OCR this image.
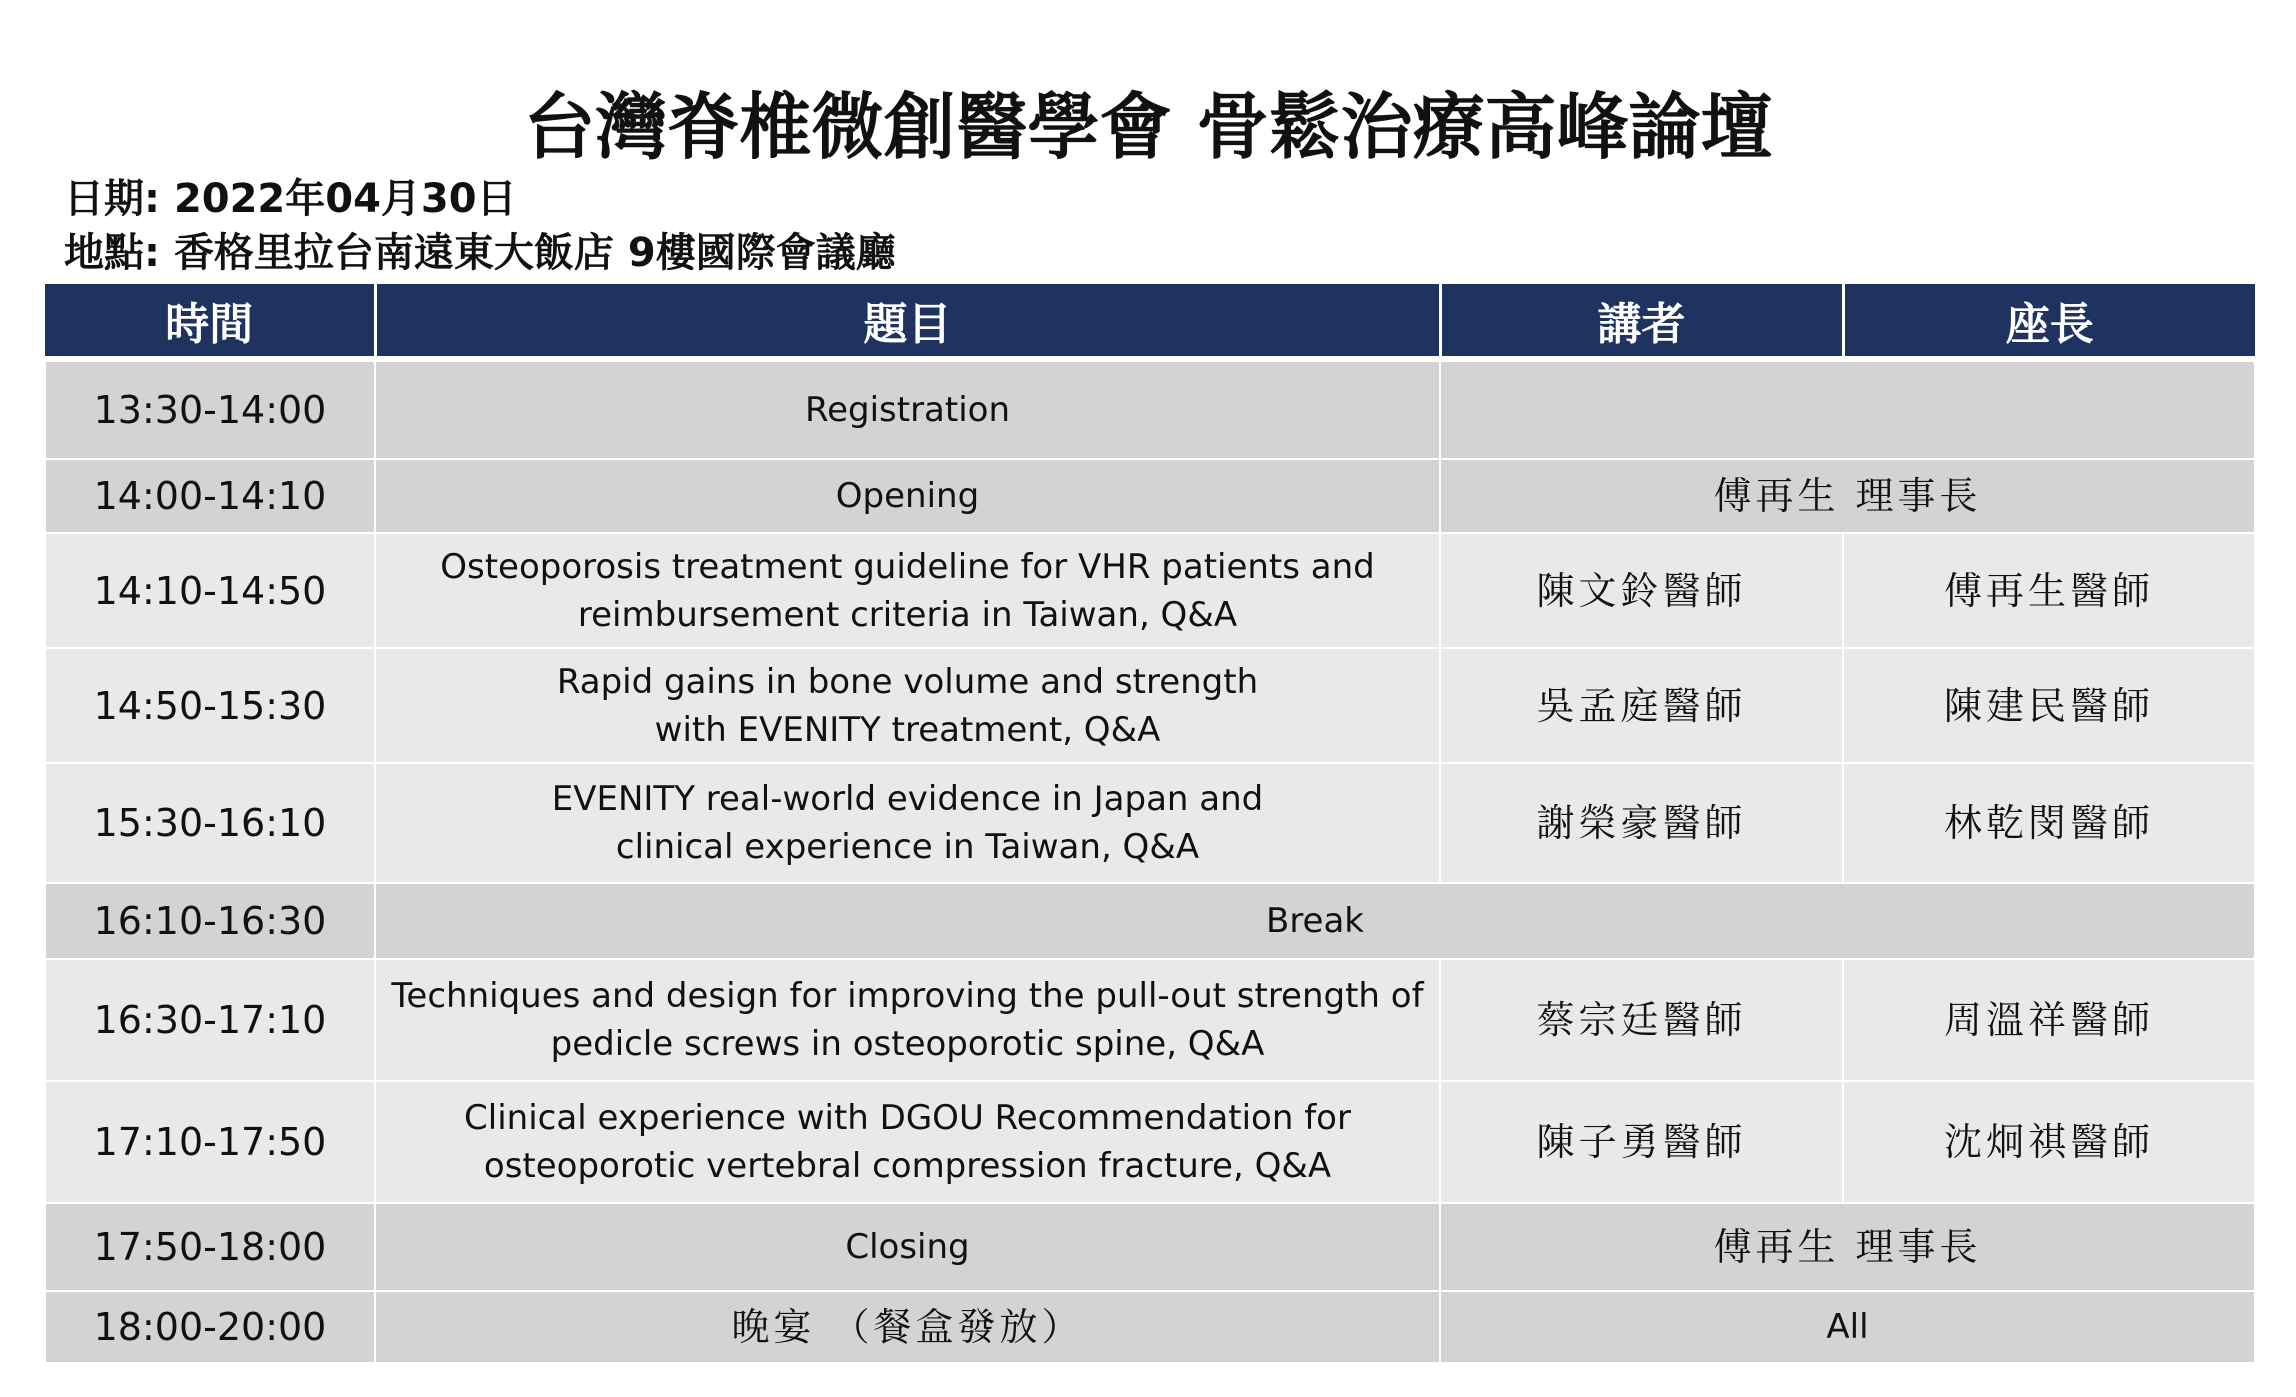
台灣脊椎微創醫學會 骨鬆治療高峰論壇
日期: 2022年04月30日
地點: 香格里拉台南遠東大飯店 9樓國際會議廳
時間	題目	講者	座長
13:30-14:00	Registration		
14:00-14:10	Opening	傅再生 理事長	
14:10-14:50	Osteoporosis treatment guideline for VHR patients and
reimbursement criteria in Taiwan, Q&A	陳文鈴醫師	傅再生醫師
14:50-15:30	Rapid gains in bone volume and strength
with EVENITY treatment, Q&A	吳孟庭醫師	陳建民醫師
15:30-16:10	EVENITY real-world evidence in Japan and
clinical experience in Taiwan, Q&A	謝榮豪醫師	林乾閔醫師
16:10-16:30	Break		
16:30-17:10	Techniques and design for improving the pull-out strength of
pedicle screws in osteoporotic spine, Q&A	蔡宗廷醫師	周溫祥醫師
17:10-17:50	Clinical experience with DGOU Recommendation for
osteoporotic vertebral compression fracture, Q&A	陳子勇醫師	沈炯祺醫師
17:50-18:00	Closing	傅再生 理事長	
18:00-20:00	晚宴 （餐盒發放）	All	
